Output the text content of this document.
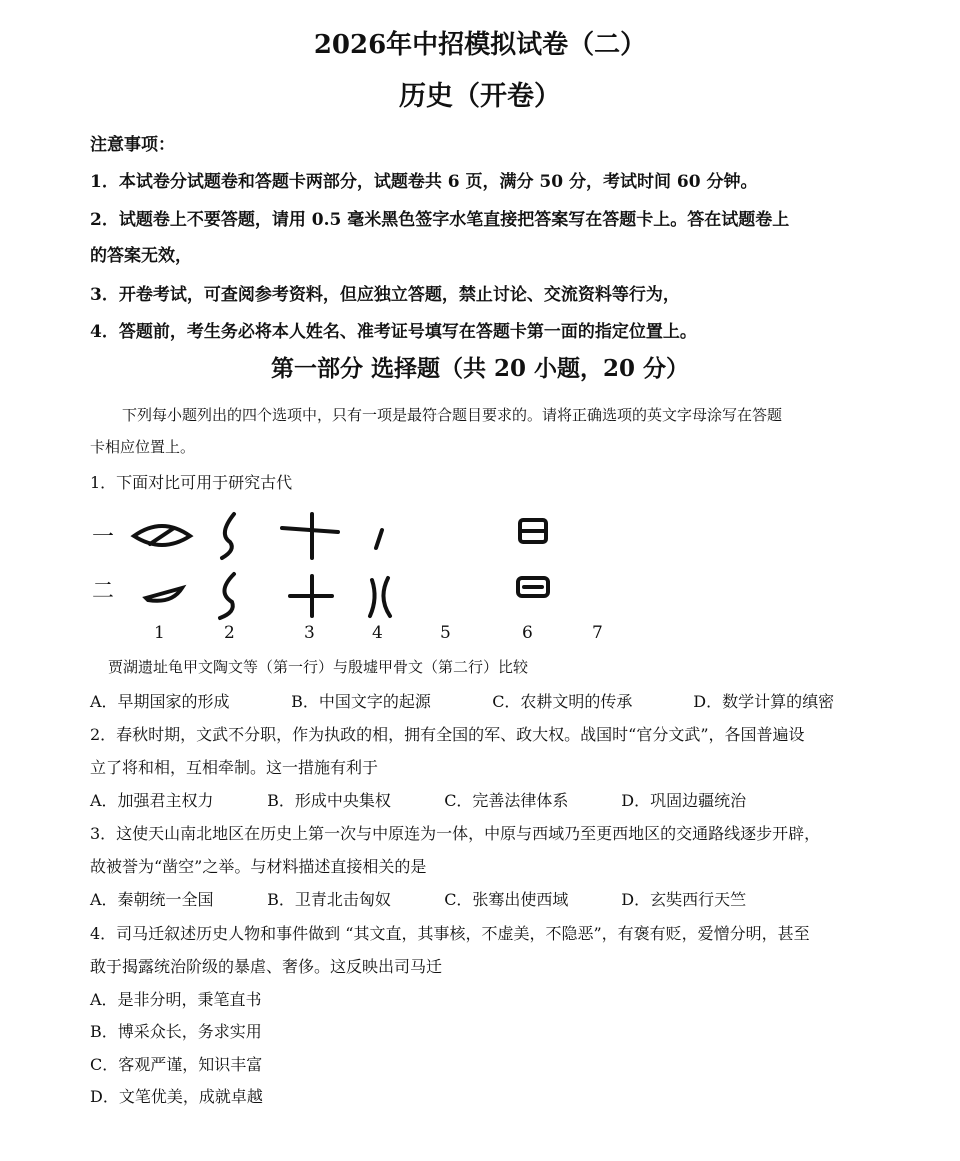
2026年中招模拟试卷（二）
历史（开卷）
注意事项：
1．本试卷分试题卷和答题卡两部分，试题卷共 6 页，满分 50 分，考试时间 60 分钟。
2．试题卷上不要答题，请用 0.5 毫米黑色签字水笔直接把答案写在答题卡上。答在试题卷上
的答案无效，
3．开卷考试，可查阅参考资料，但应独立答题，禁止讨论、交流资料等行为，
4．答题前，考生务必将本人姓名、准考证号填写在答题卡第一面的指定位置上。
第一部分 选择题（共 20 小题，20 分）
下列每小题列出的四个选项中，只有一项是最符合题目要求的。请将正确选项的英文字母涂写在答题
卡相应位置上。
1．下面对比可用于研究古代
一
二
1	2	3	4	5	6	7
贾湖遗址龟甲文陶文等（第一行）与殷墟甲骨文（第二行）比较
A．早期国家的形成	B．中国文字的起源	C．农耕文明的传承	D．数学计算的缜密
2．春秋时期，文武不分职，作为执政的相，拥有全国的军、政大权。战国时“官分文武”，各国普遍设
立了将和相，互相牵制。这一措施有利于
A．加强君主权力	B．形成中央集权	C．完善法律体系	D．巩固边疆统治
3．这使天山南北地区在历史上第一次与中原连为一体，中原与西域乃至更西地区的交通路线逐步开辟，
故被誉为“凿空”之举。与材料描述直接相关的是
A．秦朝统一全国	B．卫青北击匈奴	C．张骞出使西域	D．玄奘西行天竺
4．司马迁叙述历史人物和事件做到 “其文直，其事核，不虚美，不隐恶”，有褒有贬，爱憎分明，甚至
敢于揭露统治阶级的暴虐、奢侈。这反映出司马迁
A．是非分明，秉笔直书
B．博采众长，务求实用
C．客观严谨，知识丰富
D．文笔优美，成就卓越
